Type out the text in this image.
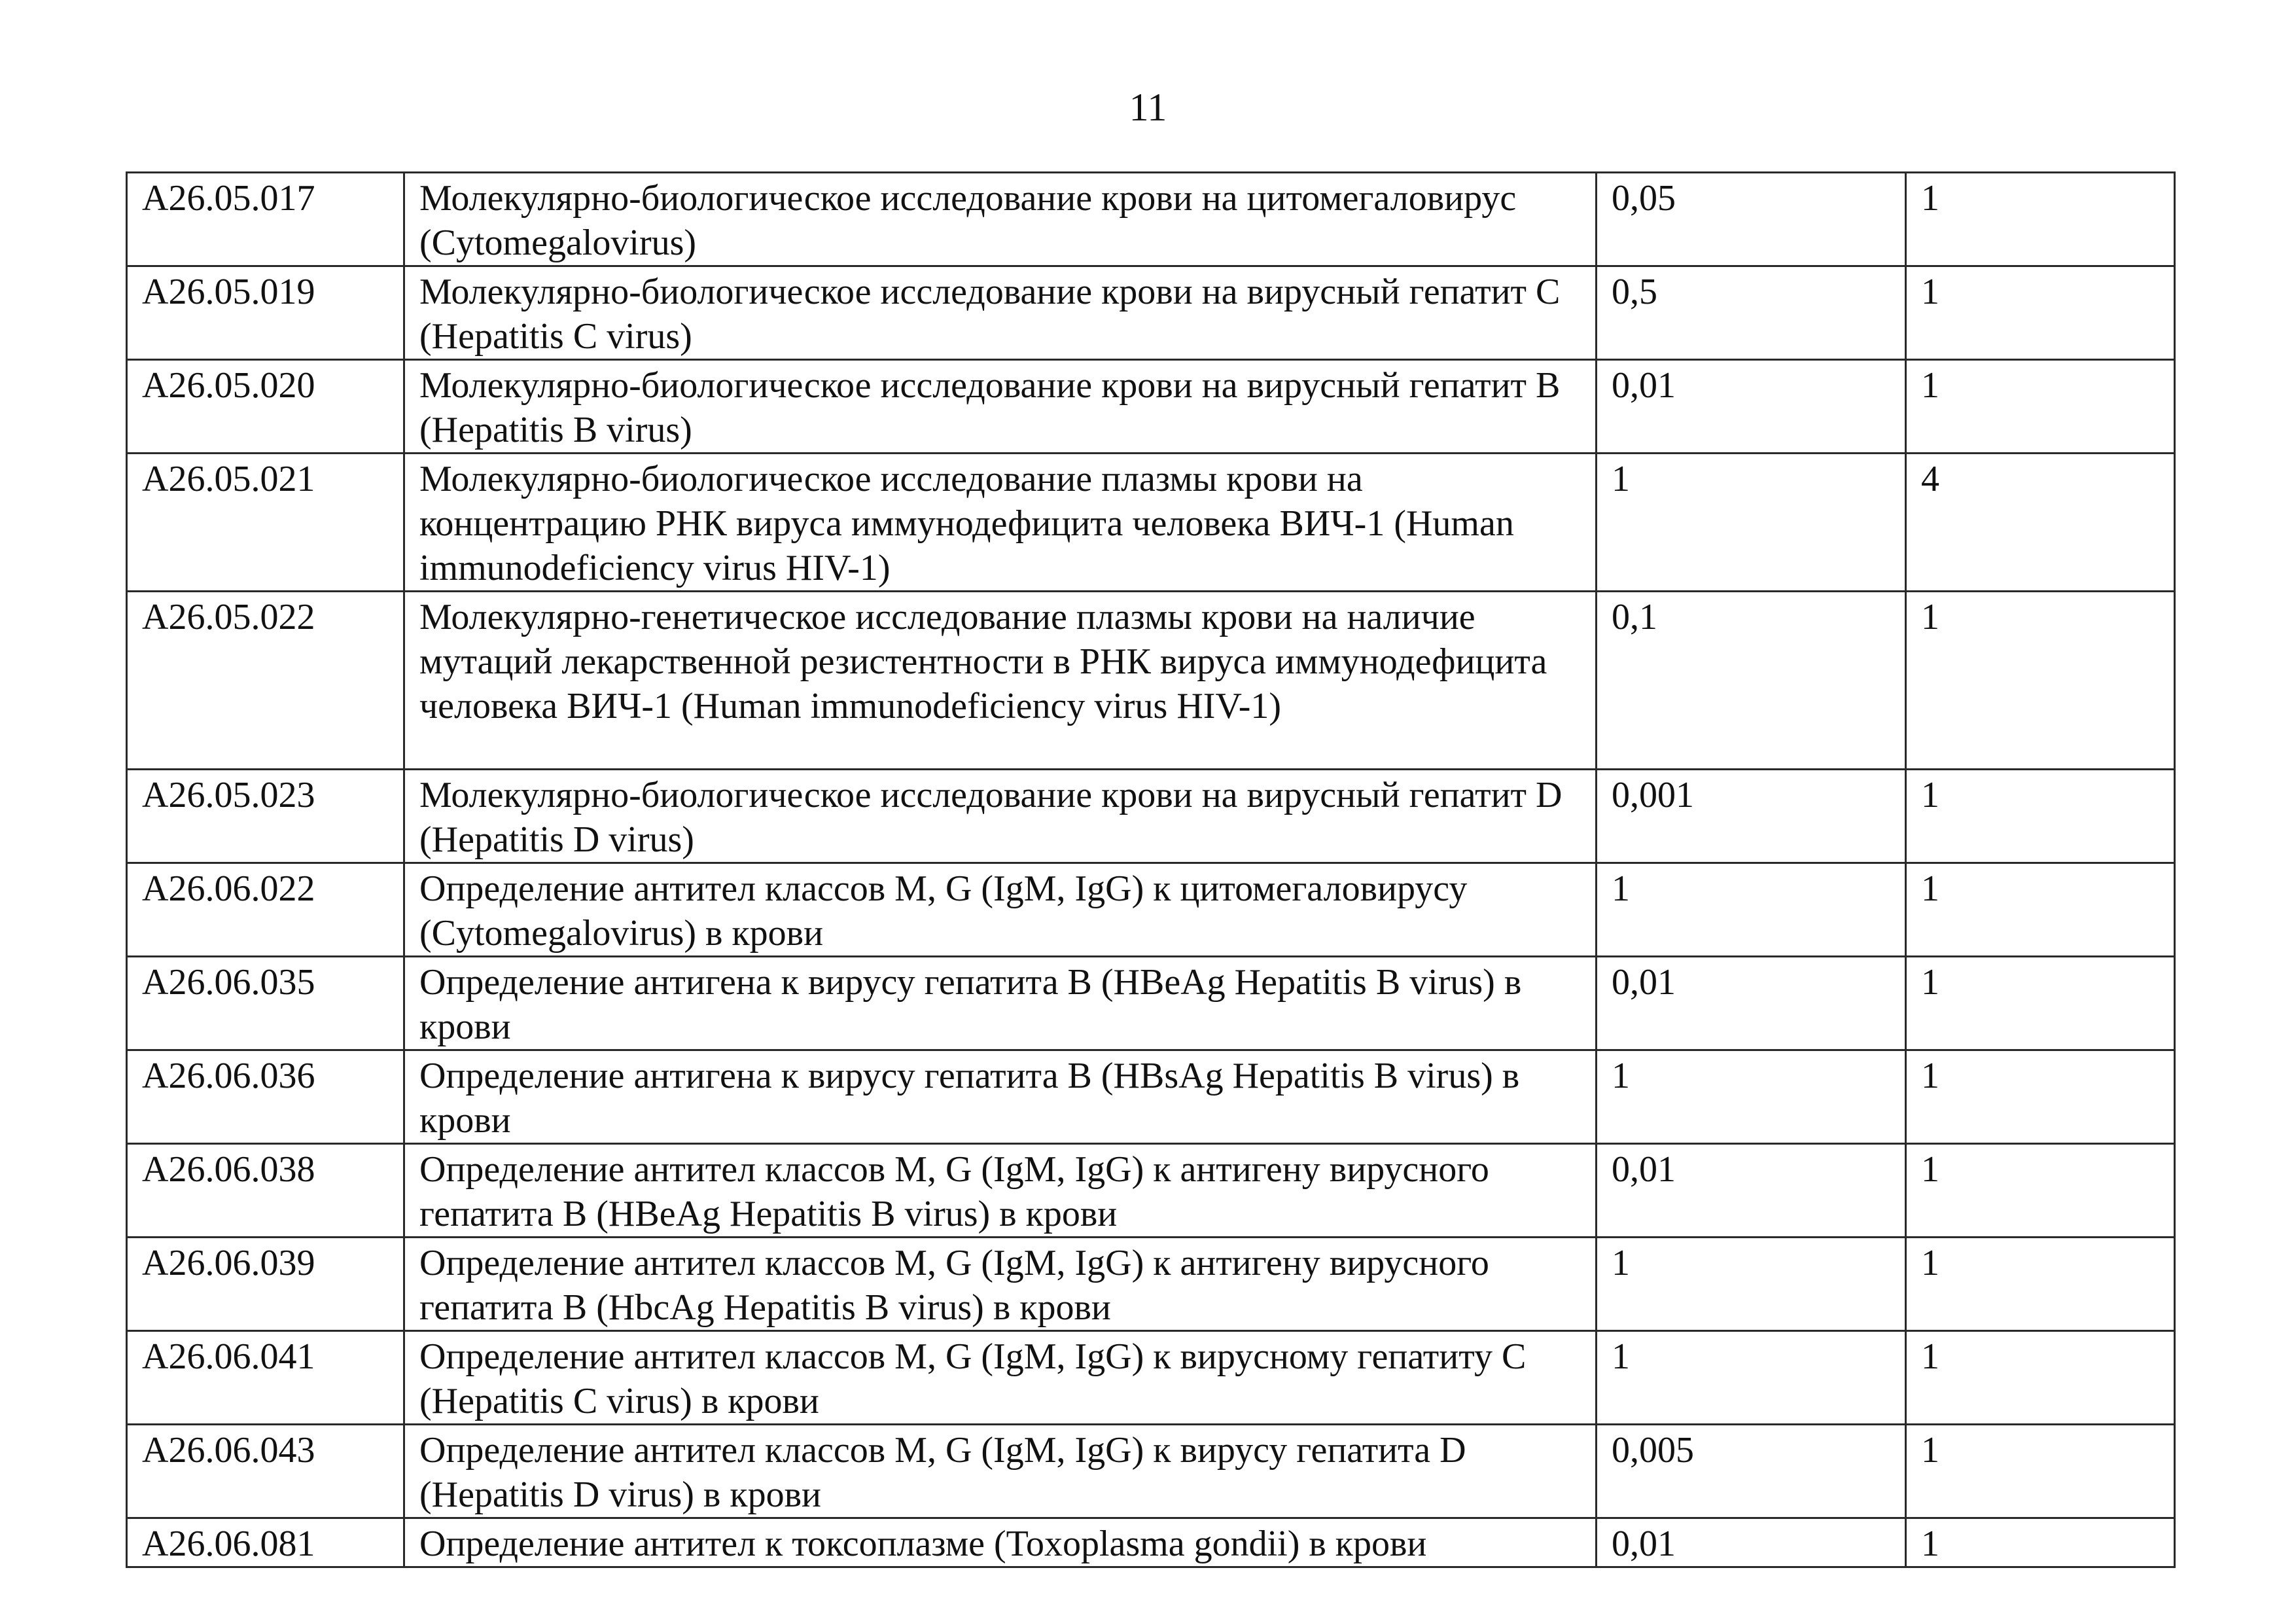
11
A26.05.017	Молекулярно-биологическое исследование крови на цитомегаловирус (Cytomegalovirus)	0,05	1
A26.05.019	Молекулярно-биологическое исследование крови на вирусный гепатит С (Hepatitis C virus)	0,5	1
A26.05.020	Молекулярно-биологическое исследование крови на вирусный гепатит В (Hepatitis B virus)	0,01	1
A26.05.021	Молекулярно-биологическое исследование плазмы крови на концентрацию РНК вируса иммунодефицита человека ВИЧ-1 (Human immunodeficiency virus HIV-1)	1	4
A26.05.022	Молекулярно-генетическое исследование плазмы крови на наличие мутаций лекарственной резистентности в РНК вируса иммунодефицита человека ВИЧ-1 (Human immunodeficiency virus HIV-1)	0,1	1
A26.05.023	Молекулярно-биологическое исследование крови на вирусный гепатит D (Hepatitis D virus)	0,001	1
A26.06.022	Определение антител классов M, G (IgM, IgG) к цитомегаловирусу (Cytomegalovirus) в крови	1	1
A26.06.035	Определение антигена к вирусу гепатита В (HBeAg Hepatitis B virus) в крови	0,01	1
A26.06.036	Определение антигена к вирусу гепатита В (HBsAg Hepatitis B virus) в крови	1	1
A26.06.038	Определение антител классов M, G (IgM, IgG) к антигену вирусного гепатита В (HBeAg Hepatitis B virus) в крови	0,01	1
A26.06.039	Определение антител классов M, G (IgM, IgG) к антигену вирусного гепатита В (HbcAg Hepatitis B virus) в крови	1	1
A26.06.041	Определение антител классов M, G (IgM, IgG) к вирусному гепатиту С (Hepatitis C virus) в крови	1	1
A26.06.043	Определение антител классов M, G (IgM, IgG) к вирусу гепатита D (Hepatitis D virus) в крови	0,005	1
A26.06.081	Определение антител к токсоплазме (Toxoplasma gondii) в крови	0,01	1
